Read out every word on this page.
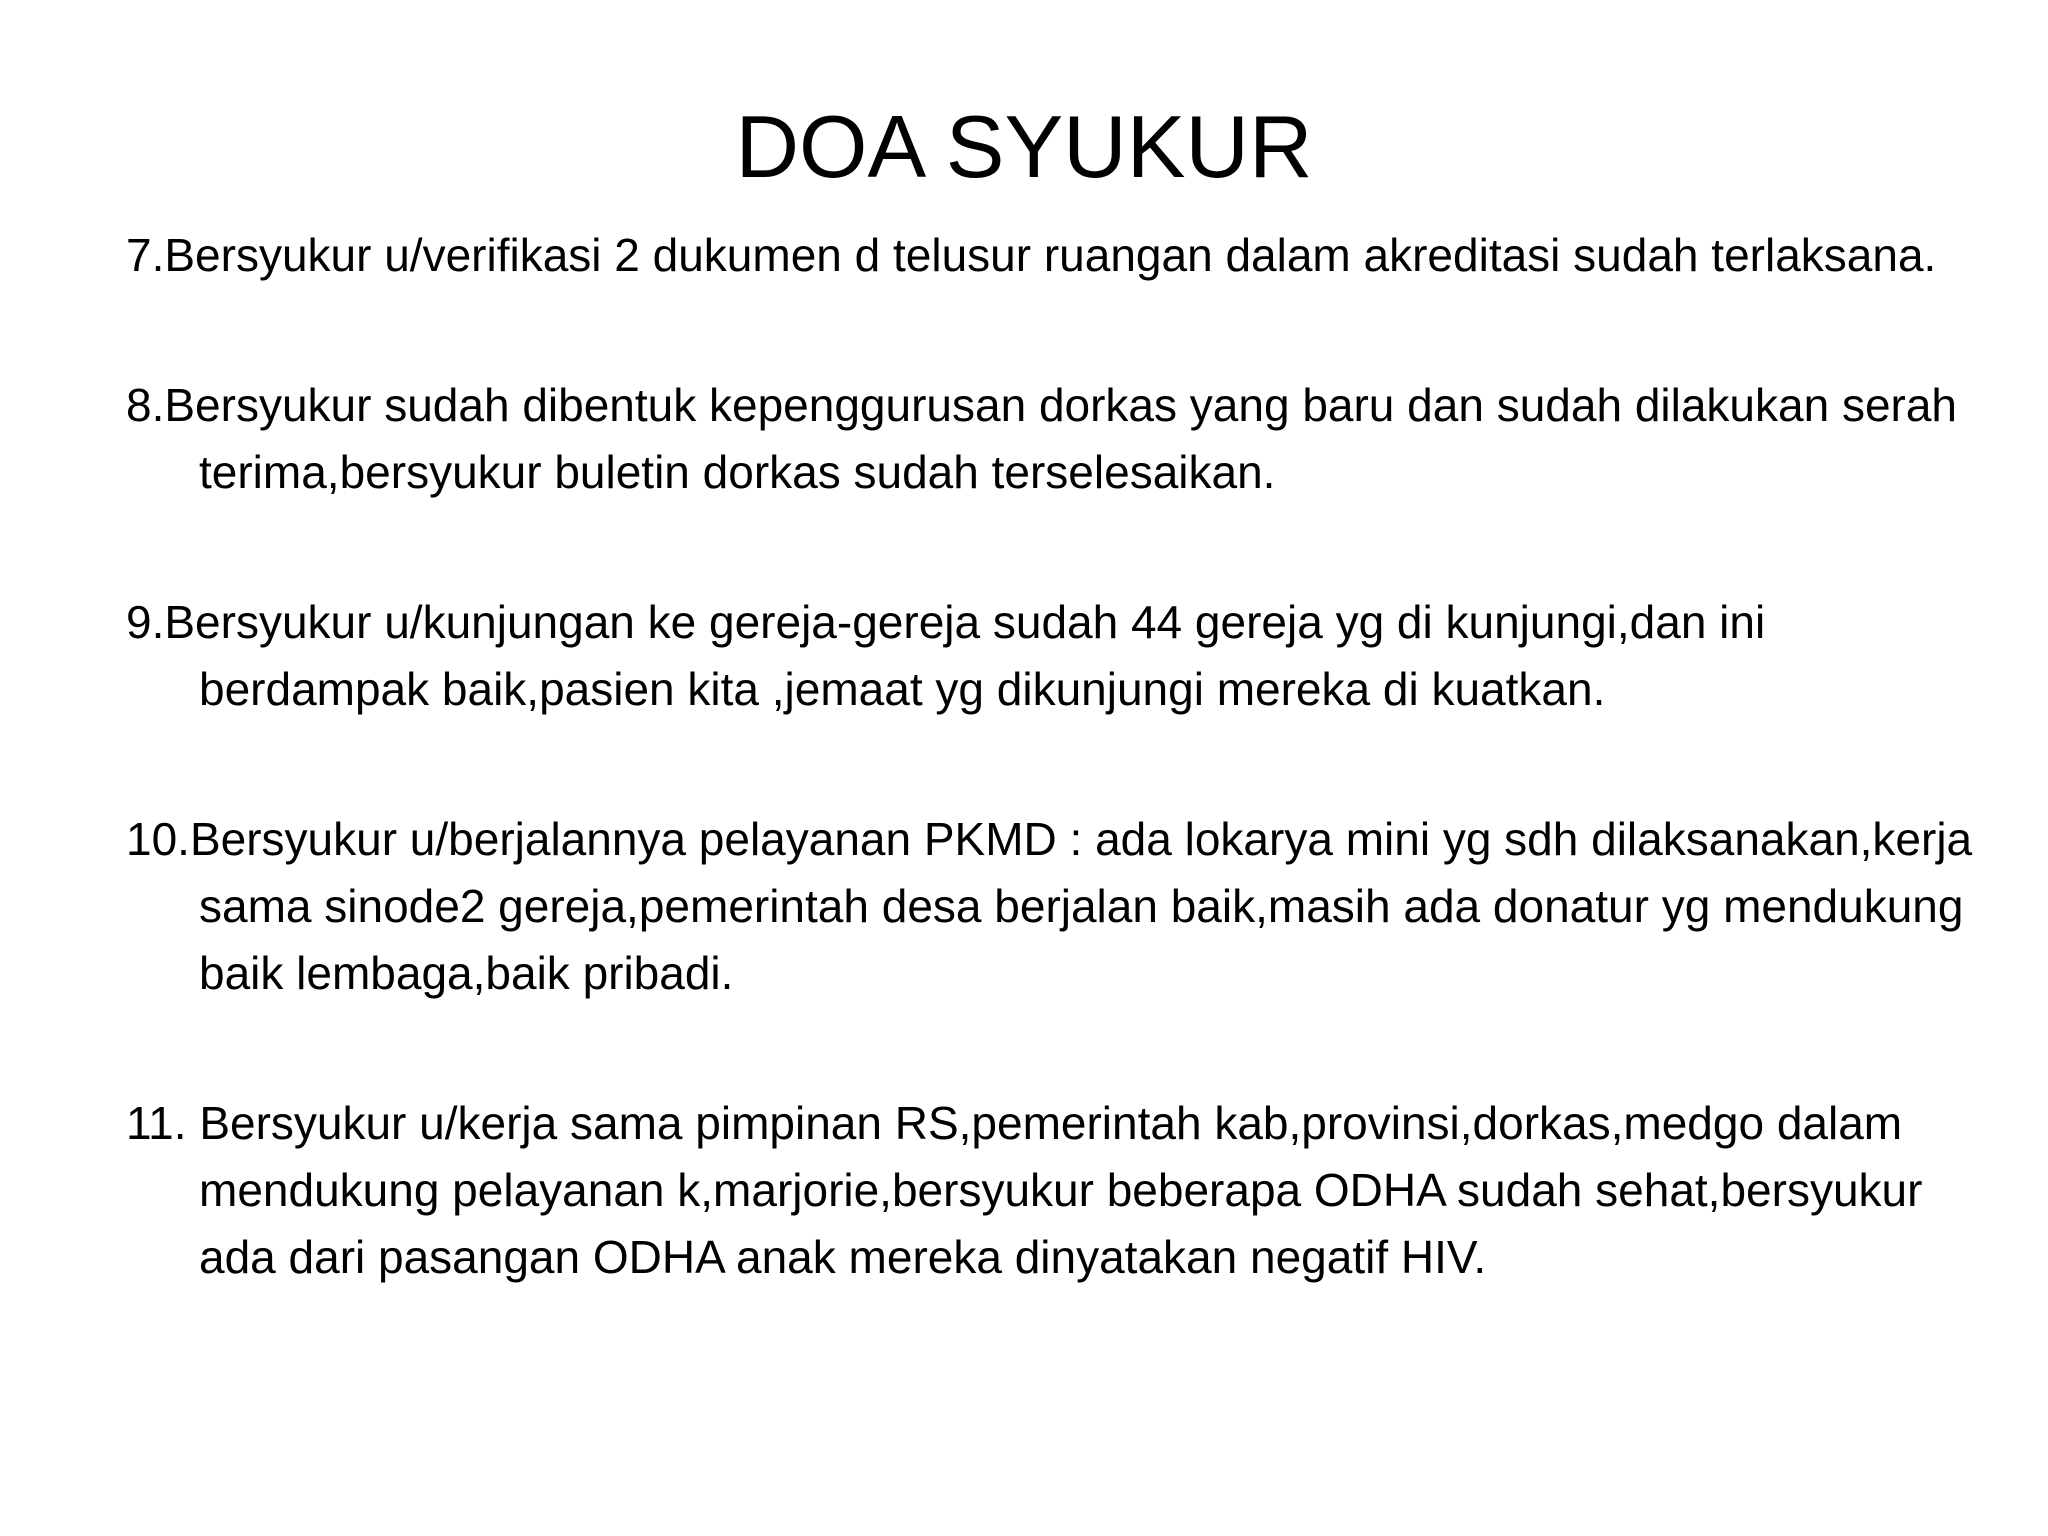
DOA SYUKUR

7.Bersyukur u/verifikasi 2 dukumen d telusur ruangan dalam akreditasi sudah terlaksana.

8.Bersyukur sudah dibentuk kepenggurusan dorkas yang baru dan sudah dilakukan serah terima,bersyukur buletin dorkas sudah terselesaikan.

9.Bersyukur u/kunjungan ke gereja-gereja sudah 44 gereja yg di kunjungi,dan ini berdampak baik,pasien kita ,jemaat yg dikunjungi mereka di kuatkan.

10.Bersyukur u/berjalannya pelayanan PKMD : ada lokarya mini yg sdh dilaksanakan,kerja sama sinode2 gereja,pemerintah desa berjalan baik,masih ada donatur yg mendukung baik lembaga,baik pribadi.

11. Bersyukur u/kerja sama pimpinan RS,pemerintah kab,provinsi,dorkas,medgo dalam mendukung pelayanan k,marjorie,bersyukur beberapa ODHA sudah sehat,bersyukur ada dari pasangan ODHA anak mereka dinyatakan negatif HIV.
